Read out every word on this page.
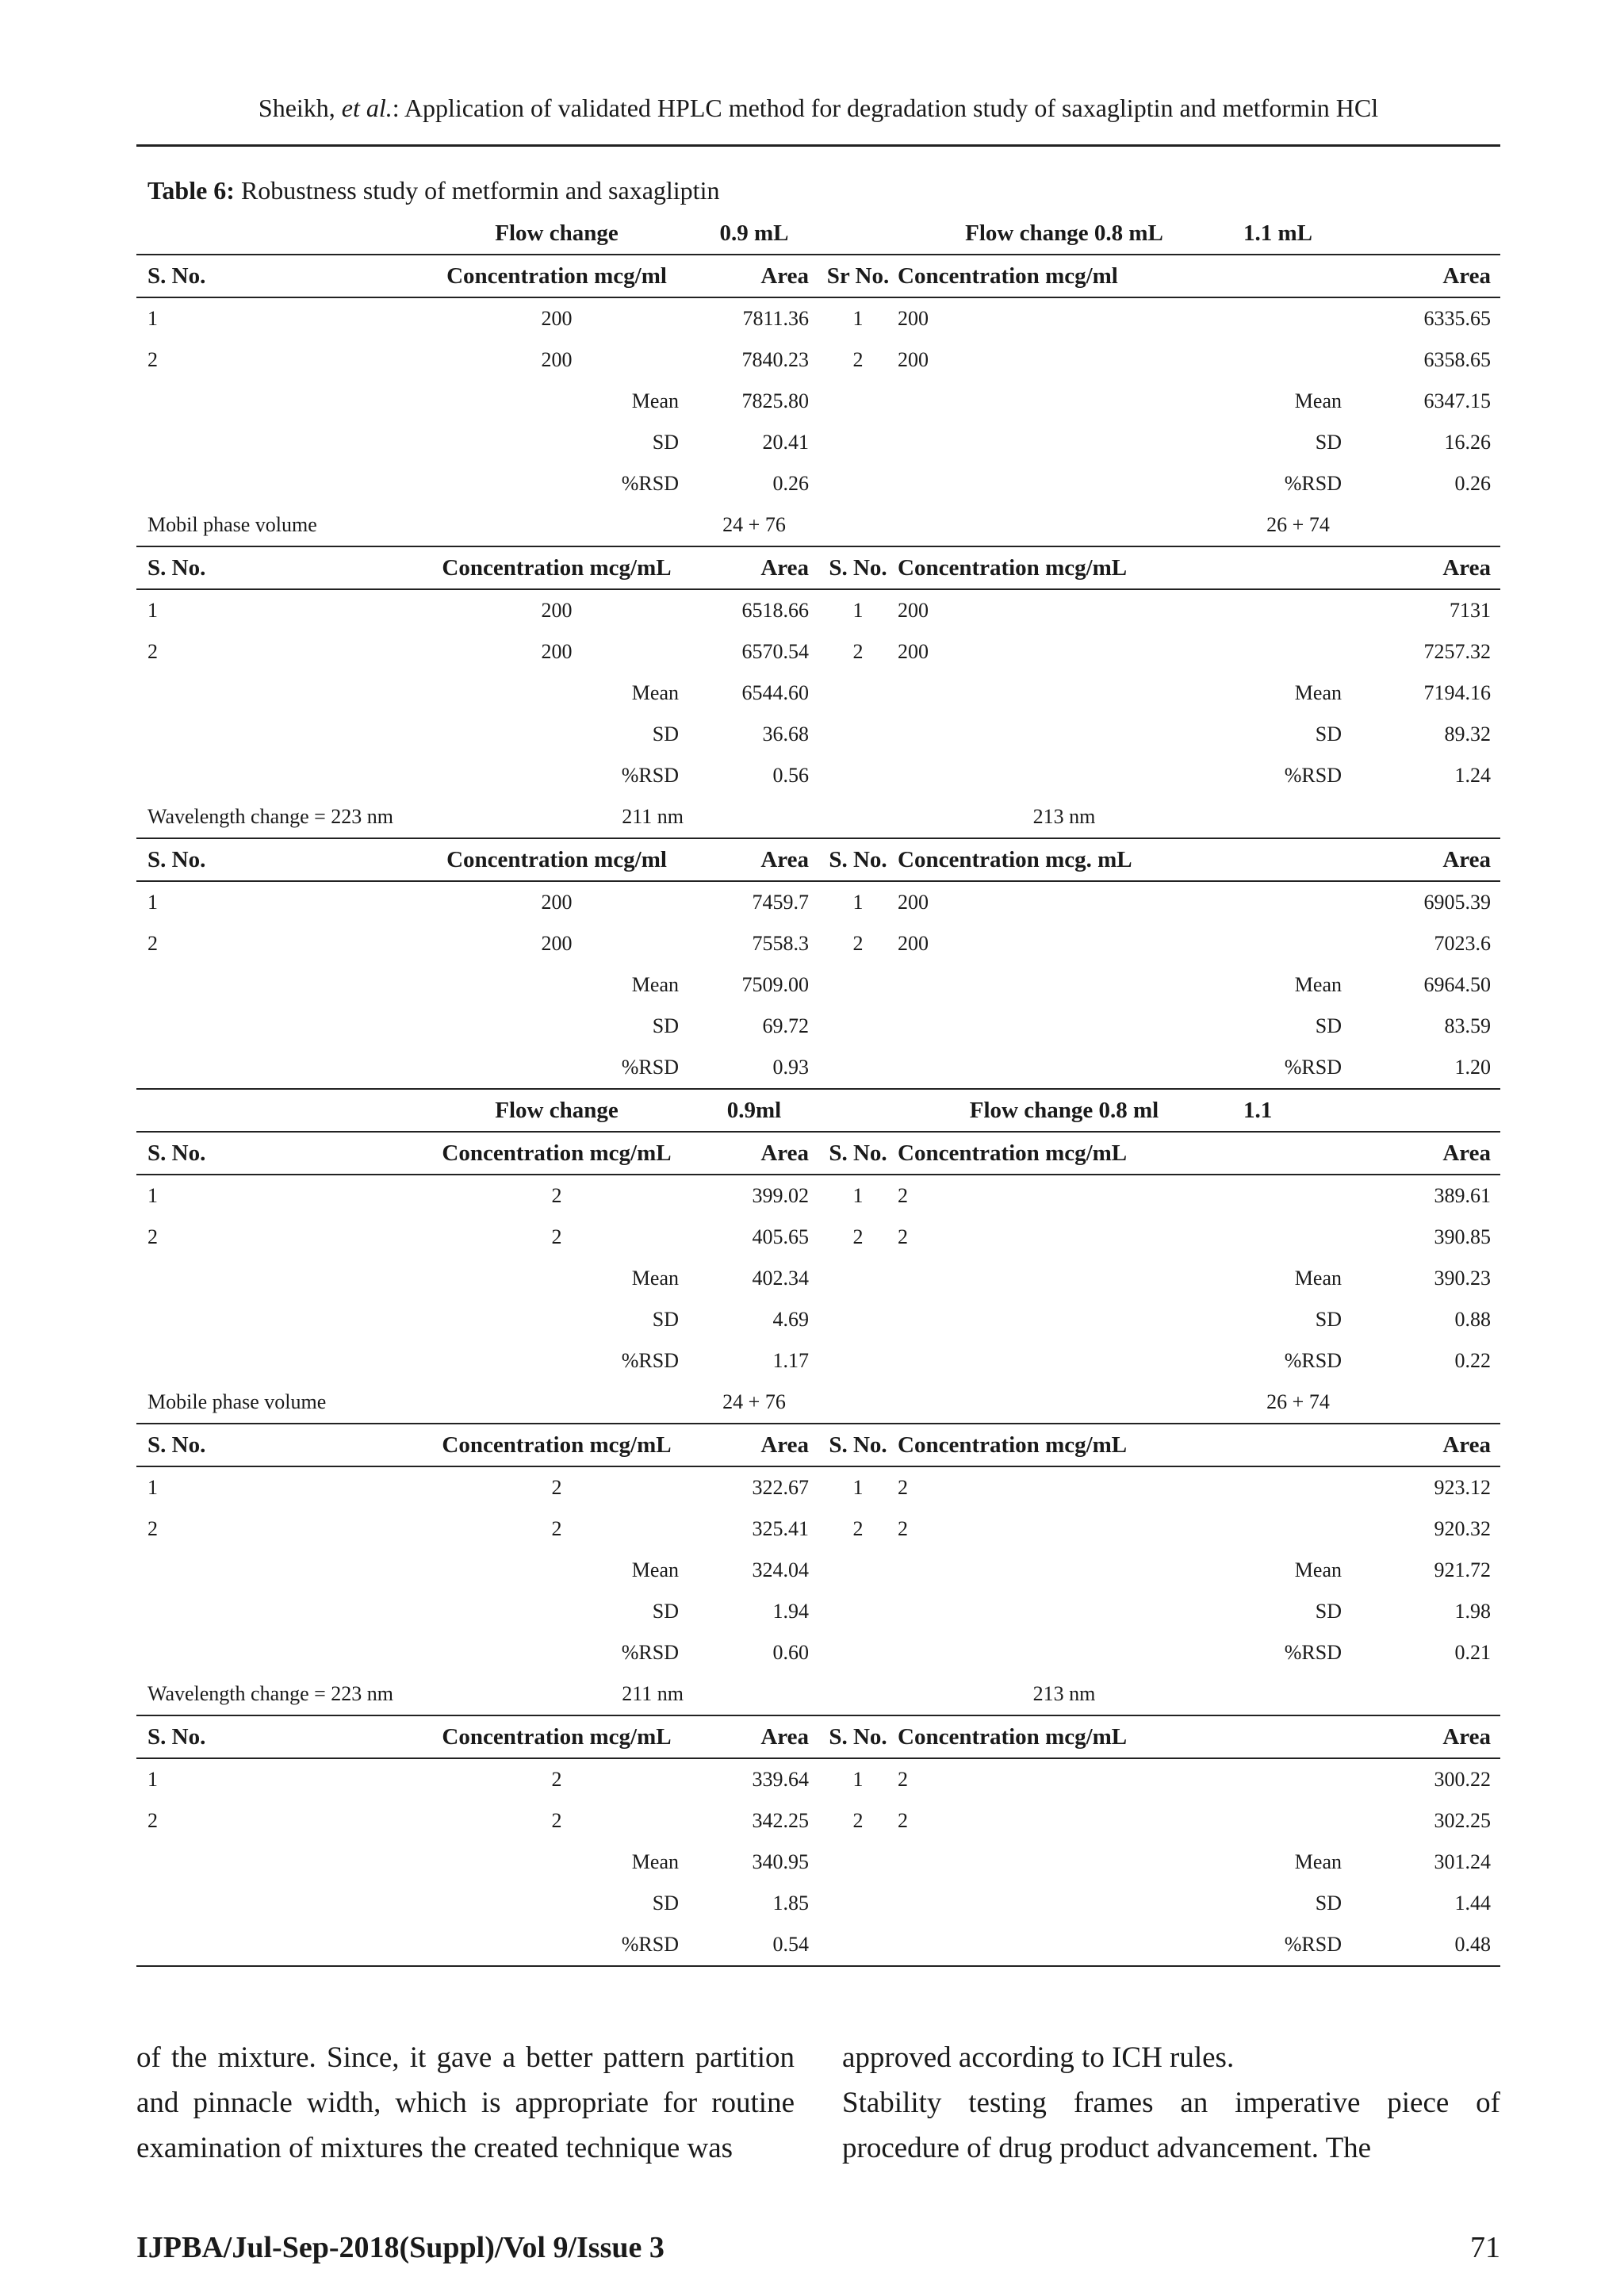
Sheikh, et al.: Application of validated HPLC method for degradation study of saxagliptin and metformin HCl
Table 6: Robustness study of metformin and saxagliptin
	Flow change	0.9 mL		Flow change 0.8 mL	1.1 mL	
S. No.	Concentration mcg/ml	Area	Sr No.	Concentration mcg/ml		Area
1	200	7811.36	1	200		6335.65
2	200	7840.23	2	200		6358.65
	Mean	7825.80			Mean	6347.15
	SD	20.41			SD	16.26
	%RSD	0.26			%RSD	0.26
Mobil phase volume		24 + 76			26 + 74	
S. No.	Concentration mcg/mL	Area	S. No.	Concentration mcg/mL		Area
1	200	6518.66	1	200		7131
2	200	6570.54	2	200		7257.32
	Mean	6544.60			Mean	7194.16
	SD	36.68			SD	89.32
	%RSD	0.56			%RSD	1.24
Wavelength change = 223 nm	211 nm			213 nm		
S. No.	Concentration mcg/ml	Area	S. No.	Concentration mcg. mL		Area
1	200	7459.7	1	200		6905.39
2	200	7558.3	2	200		7023.6
	Mean	7509.00			Mean	6964.50
	SD	69.72			SD	83.59
	%RSD	0.93			%RSD	1.20
	Flow change	0.9ml		Flow change 0.8 ml	1.1	
S. No.	Concentration mcg/mL	Area	S. No.	Concentration mcg/mL		Area
1	2	399.02	1	2		389.61
2	2	405.65	2	2		390.85
	Mean	402.34			Mean	390.23
	SD	4.69			SD	0.88
	%RSD	1.17			%RSD	0.22
Mobile phase volume		24 + 76			26 + 74	
S. No.	Concentration mcg/mL	Area	S. No.	Concentration mcg/mL		Area
1	2	322.67	1	2		923.12
2	2	325.41	2	2		920.32
	Mean	324.04			Mean	921.72
	SD	1.94			SD	1.98
	%RSD	0.60			%RSD	0.21
Wavelength change = 223 nm	211 nm			213 nm		
S. No.	Concentration mcg/mL	Area	S. No.	Concentration mcg/mL		Area
1	2	339.64	1	2		300.22
2	2	342.25	2	2		302.25
	Mean	340.95			Mean	301.24
	SD	1.85			SD	1.44
	%RSD	0.54			%RSD	0.48

of the mixture. Since, it gave a better pattern partition and pinnacle width, which is appropriate for routine examination of mixtures the created technique was

approved according to ICH rules.

Stability testing frames an imperative piece of procedure of drug product advancement. The

IJPBA/Jul-Sep-2018(Suppl)/Vol 9/Issue 3	71
